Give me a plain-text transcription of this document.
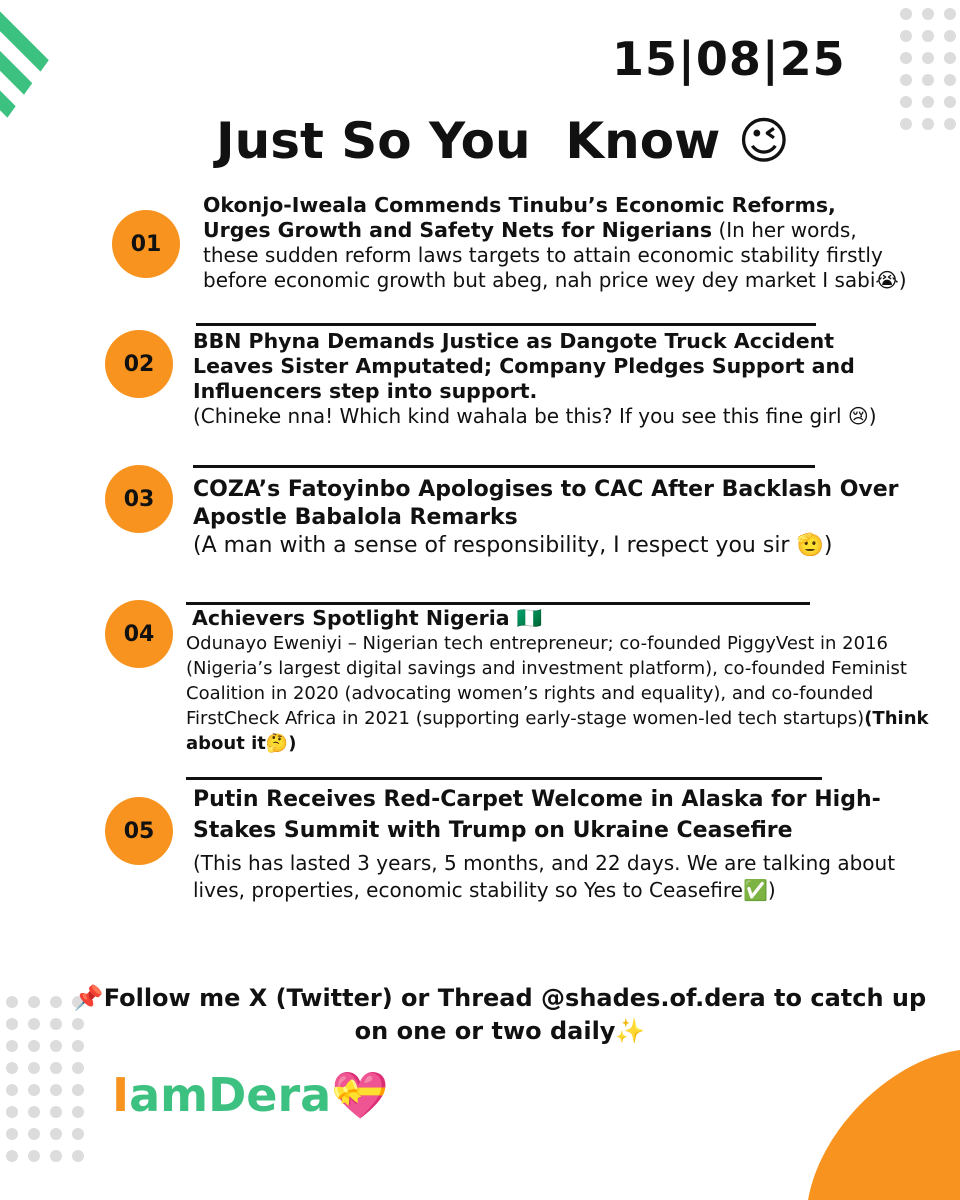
15|08|25
Just So You  Know 😉
01
Okonjo-Iweala Commends Tinubu’s Economic Reforms, Urges Growth and Safety Nets for Nigerians (In her words, these sudden reform laws targets to attain economic stability firstly before economic growth but abeg, nah price wey dey market I sabi😭)
02
BBN Phyna Demands Justice as Dangote Truck Accident Leaves Sister Amputated; Company Pledges Support and Influencers step into support.
(Chineke nna! Which kind wahala be this? If you see this fine girl 😢)
03	COZA’s Fatoyinbo Apologises to CAC After Backlash Over Apostle Babalola Remarks
(A man with a sense of responsibility, I respect you sir 🫡)
04
Achievers Spotlight Nigeria 🇳🇬
Odunayo Eweniyi – Nigerian tech entrepreneur; co-founded PiggyVest in 2016 (Nigeria’s largest digital savings and investment platform), co-founded Feminist Coalition in 2020 (advocating women’s rights and equality), and co-founded FirstCheck Africa in 2021 (supporting early-stage women-led tech startups)(Think about it🤔)
05
Putin Receives Red-Carpet Welcome in Alaska for High-Stakes Summit with Trump on Ukraine Ceasefire
(This has lasted 3 years, 5 months, and 22 days. We are talking about lives, properties, economic stability so Yes to Ceasefire✅)
📌Follow me X (Twitter) or Thread @shades.of.dera to catch up on one or two daily✨
IamDera💝
